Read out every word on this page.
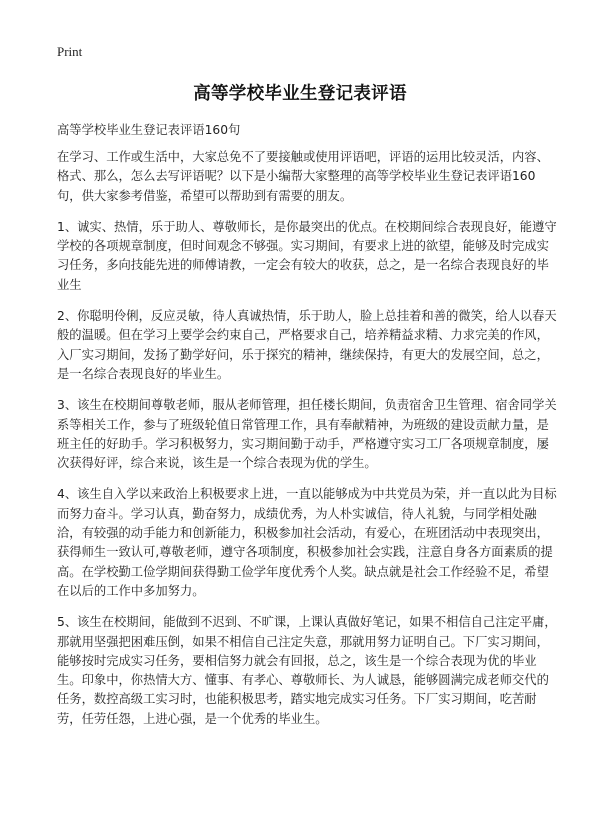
Print
高等学校毕业生登记表评语

高等学校毕业生登记表评语160句

在学习、工作或生活中，大家总免不了要接触或使用评语吧，评语的运用比较灵活，内容、格式、那么，怎么去写评语呢？以下是小编帮大家整理的高等学校毕业生登记表评语160句，供大家参考借鉴，希望可以帮助到有需要的朋友。

1、诚实、热情，乐于助人、尊敬师长，是你最突出的优点。在校期间综合表现良好，能遵守学校的各项规章制度，但时间观念不够强。实习期间，有要求上进的欲望，能够及时完成实习任务，多向技能先进的师傅请教，一定会有较大的收获，总之，是一名综合表现良好的毕业生

2、你聪明伶俐，反应灵敏，待人真诚热情，乐于助人，脸上总挂着和善的微笑，给人以春天般的温暖。但在学习上要学会约束自己，严格要求自己，培养精益求精、力求完美的作风，入厂实习期间，发扬了勤学好问，乐于探究的精神，继续保持，有更大的发展空间，总之，是一名综合表现良好的毕业生。

3、该生在校期间尊敬老师，服从老师管理，担任楼长期间，负责宿舍卫生管理、宿舍同学关系等相关工作，参与了班级轮值日常管理工作，具有奉献精神，为班级的建设贡献力量，是班主任的好助手。学习积极努力，实习期间勤于动手，严格遵守实习工厂各项规章制度，屡次获得好评，综合来说，该生是一个综合表现为优的学生。

4、该生自入学以来政治上积极要求上进，一直以能够成为中共党员为荣，并一直以此为目标而努力奋斗。学习认真，勤奋努力，成绩优秀，为人朴实诚信，待人礼貌，与同学相处融洽，有较强的动手能力和创新能力，积极参加社会活动，有爱心，在班团活动中表现突出，获得师生一致认可,尊敬老师，遵守各项制度，积极参加社会实践，注意自身各方面素质的提高。在学校勤工俭学期间获得勤工俭学年度优秀个人奖。缺点就是社会工作经验不足，希望在以后的工作中多加努力。

5、该生在校期间，能做到不迟到、不旷课，上课认真做好笔记，如果不相信自己注定平庸，那就用坚强把困难压倒，如果不相信自己注定失意，那就用努力证明自己。下厂实习期间，能够按时完成实习任务，要相信努力就会有回报，总之，该生是一个综合表现为优的毕业生。印象中，你热情大方、懂事、有孝心、尊敬师长、为人诚恳，能够圆满完成老师交代的任务，数控高级工实习时，也能积极思考，踏实地完成实习任务。下厂实习期间，吃苦耐劳，任劳任怨，上进心强，是一个优秀的毕业生。
